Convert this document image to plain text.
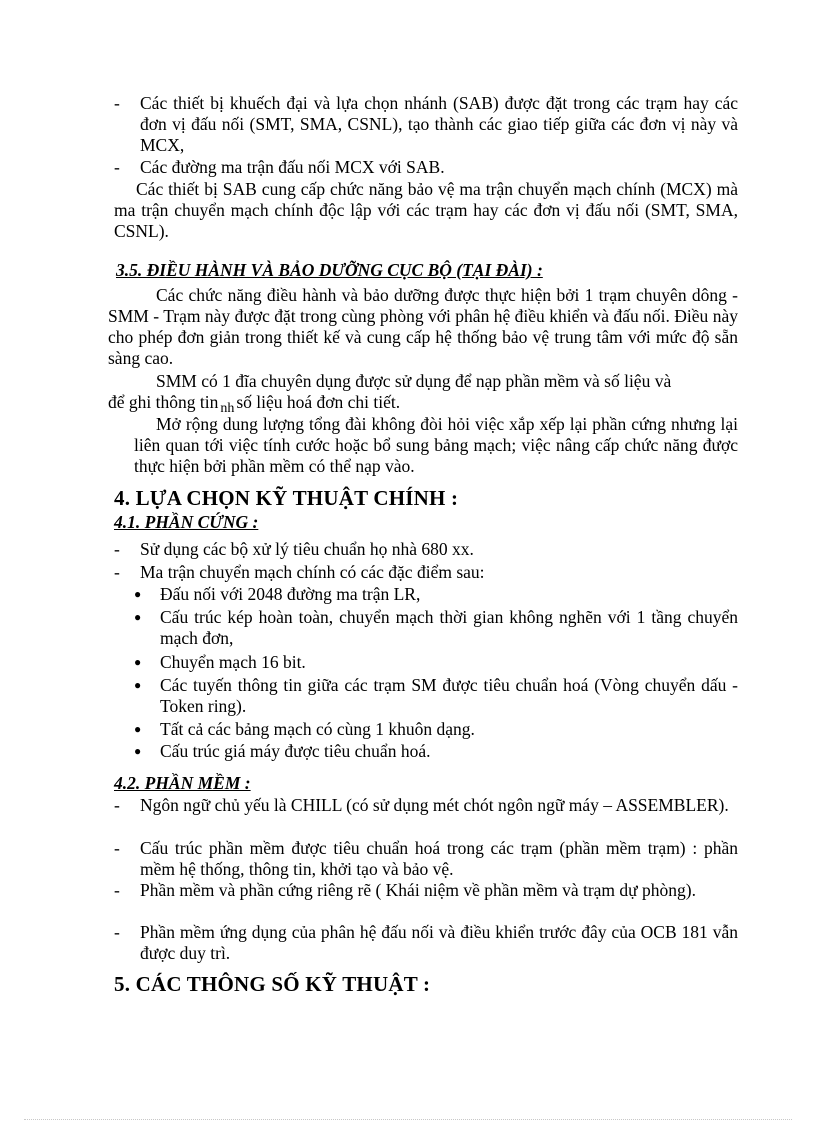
- Các thiết bị khuếch đại và lựa chọn nhánh (SAB) được đặt trong các trạm hay các đơn vị đấu nối (SMT, SMA, CSNL), tạo thành các giao tiếp giữa các đơn vị này và MCX,
- Các đường ma trận đấu nối MCX với SAB.
Các thiết bị SAB cung cấp chức năng bảo vệ ma trận chuyển mạch chính (MCX) mà ma trận chuyển mạch chính độc lập với các trạm hay các đơn vị đấu nối (SMT, SMA, CSNL).
3.5. ĐIỀU HÀNH VÀ BẢO DƯỠNG CỤC BỘ (TẠI ĐÀI) :
Các chức năng điều hành và bảo dưỡng được thực hiện bởi 1 trạm chuyên dông - SMM - Trạm này được đặt trong cùng phòng với phân hệ điều khiển và đấu nối. Điều này cho phép đơn giản trong thiết kế và cung cấp hệ thống bảo vệ trung tâm với mức độ sẵn sàng cao.
SMM có 1 đĩa chuyên dụng được sử dụng để nạp phần mềm và số liệu và
để ghi thông tin $_{nh}$ số liệu hoá đơn chi tiết.
Mở rộng dung lượng tổng đài không đòi hỏi việc xắp xếp lại phần cứng nhưng lại liên quan tới việc tính cước hoặc bổ sung bảng mạch; việc nâng cấp chức năng được thực hiện bởi phần mềm có thể nạp vào.
4. LỰA CHỌN KỸ THUẬT CHÍNH :
4.1. PHẦN CỨNG :
- Sử dụng các bộ xử lý tiêu chuẩn họ nhà 680 xx.
- Ma trận chuyển mạch chính có các đặc điểm sau:
● Đấu nối với 2048 đường ma trận LR,
● Cấu trúc kép hoàn toàn, chuyển mạch thời gian không nghẽn với 1 tầng chuyển mạch đơn,
● Chuyển mạch 16 bit.
● Các tuyến thông tin giữa các trạm SM được tiêu chuẩn hoá (Vòng chuyển dấu - Token ring).
● Tất cả các bảng mạch có cùng 1 khuôn dạng.
● Cấu trúc giá máy được tiêu chuẩn hoá.
4.2. PHẦN MỀM :
- Ngôn ngữ chủ yếu là CHILL (có sử dụng mét chót ngôn ngữ máy – ASSEMBLER).
- Cấu trúc phần mềm được tiêu chuẩn hoá trong các trạm (phần mềm trạm) : phần mềm hệ thống, thông tin, khởi tạo và bảo vệ.
- Phần mềm và phần cứng riêng rẽ ( Khái niệm về phần mềm và trạm dự phòng).
- Phần mềm ứng dụng của phân hệ đấu nối và điều khiển trước đây của OCB 181 vẫn được duy trì.
5. CÁC THÔNG SỐ KỸ THUẬT :
